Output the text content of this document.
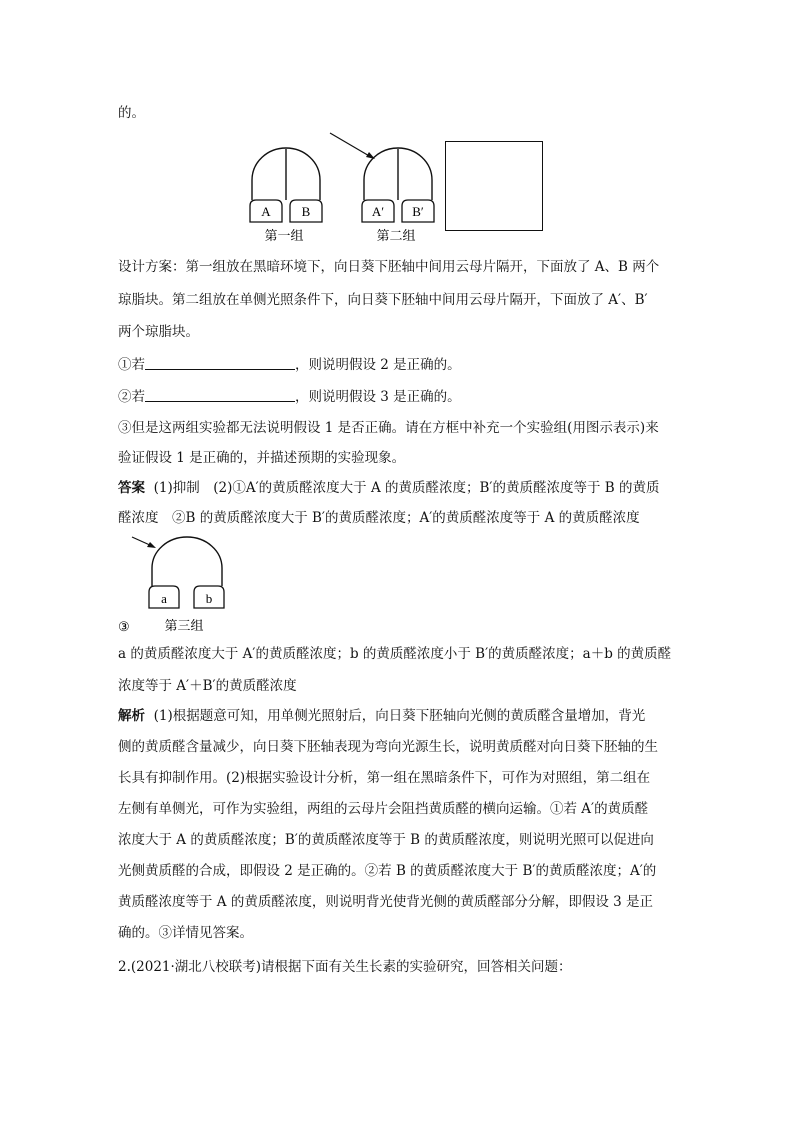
的。
A B
第一组
A′ B′
第二组
设计方案：第一组放在黑暗环境下，向日葵下胚轴中间用云母片隔开，下面放了 A、B 两个
琼脂块。第二组放在单侧光照条件下，向日葵下胚轴中间用云母片隔开，下面放了 A′、B′
两个琼脂块。
①若	，则说明假设 2 是正确的。
②若	，则说明假设 3 是正确的。
③但是这两组实验都无法说明假设 1 是否正确。请在方框中补充一个实验组(用图示表示)来
验证假设 1 是正确的，并描述预期的实验现象。
答案 (1)抑制　(2)①A′的黄质醛浓度大于 A 的黄质醛浓度；B′的黄质醛浓度等于 B 的黄质
醛浓度　②B 的黄质醛浓度大于 B′的黄质醛浓度；A′的黄质醛浓度等于 A 的黄质醛浓度
③
a	b
第三组
a 的黄质醛浓度大于 A′的黄质醛浓度；b 的黄质醛浓度小于 B′的黄质醛浓度；a＋b 的黄质醛
浓度等于 A′＋B′的黄质醛浓度
解析 (1)根据题意可知，用单侧光照射后，向日葵下胚轴向光侧的黄质醛含量增加，背光
侧的黄质醛含量减少，向日葵下胚轴表现为弯向光源生长，说明黄质醛对向日葵下胚轴的生
长具有抑制作用。(2)根据实验设计分析，第一组在黑暗条件下，可作为对照组，第二组在
左侧有单侧光，可作为实验组，两组的云母片会阻挡黄质醛的横向运输。①若 A′的黄质醛
浓度大于 A 的黄质醛浓度；B′的黄质醛浓度等于 B 的黄质醛浓度，则说明光照可以促进向
光侧黄质醛的合成，即假设 2 是正确的。②若 B 的黄质醛浓度大于 B′的黄质醛浓度；A′的
黄质醛浓度等于 A 的黄质醛浓度，则说明背光使背光侧的黄质醛部分分解，即假设 3 是正
确的。③详情见答案。
2.(2021·湖北八校联考)请根据下面有关生长素的实验研究，回答相关问题：
